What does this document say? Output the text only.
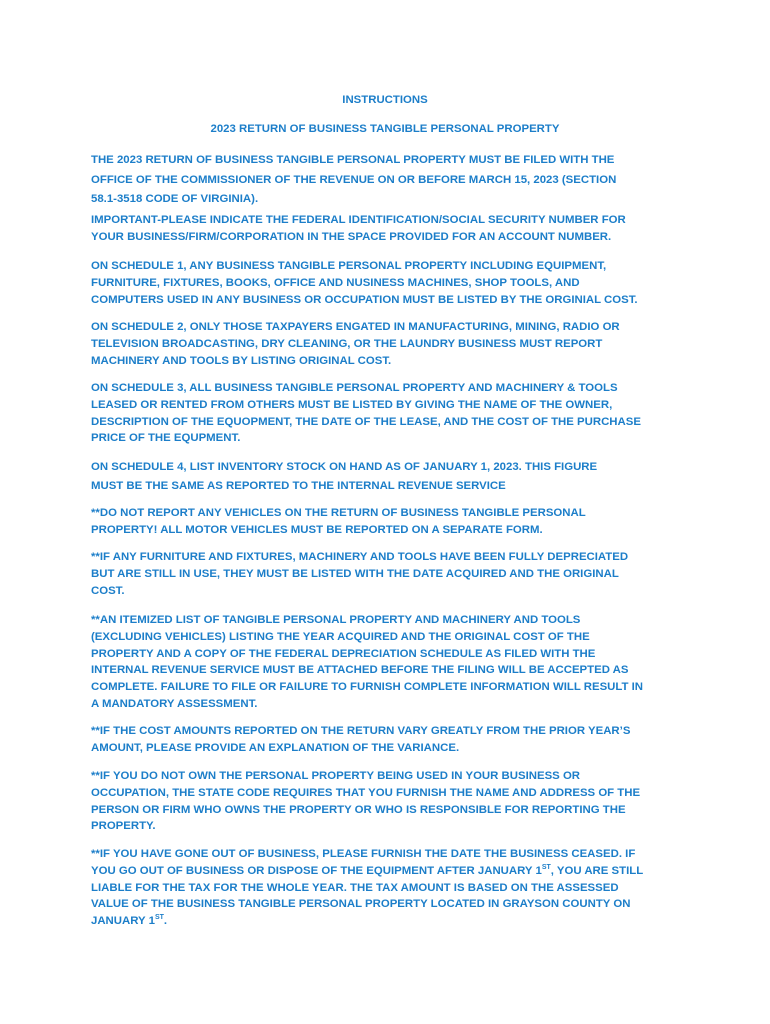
INSTRUCTIONS
2023 RETURN OF BUSINESS TANGIBLE PERSONAL PROPERTY
THE 2023 RETURN OF BUSINESS TANGIBLE PERSONAL PROPERTY MUST BE FILED WITH THE
OFFICE OF THE COMMISSIONER OF THE REVENUE ON OR BEFORE MARCH 15, 2023 (SECTION
58.1-3518 CODE OF VIRGINIA).
IMPORTANT-PLEASE INDICATE THE FEDERAL IDENTIFICATION/SOCIAL SECURITY NUMBER FOR
YOUR BUSINESS/FIRM/CORPORATION IN THE SPACE PROVIDED FOR AN ACCOUNT NUMBER.
ON SCHEDULE 1, ANY BUSINESS TANGIBLE PERSONAL PROPERTY INCLUDING EQUIPMENT,
FURNITURE, FIXTURES, BOOKS, OFFICE AND NUSINESS MACHINES, SHOP TOOLS, AND
COMPUTERS USED IN ANY BUSINESS OR OCCUPATION MUST BE LISTED BY THE ORGINIAL COST.
ON SCHEDULE 2, ONLY THOSE TAXPAYERS ENGATED IN MANUFACTURING, MINING, RADIO OR
TELEVISION BROADCASTING, DRY CLEANING, OR THE LAUNDRY BUSINESS MUST REPORT
MACHINERY AND TOOLS BY LISTING ORIGINAL COST.
ON SCHEDULE 3, ALL BUSINESS TANGIBLE PERSONAL PROPERTY AND MACHINERY & TOOLS
LEASED OR RENTED FROM OTHERS MUST BE LISTED BY GIVING THE NAME OF THE OWNER,
DESCRIPTION OF THE EQUOPMENT, THE DATE OF THE LEASE, AND THE COST OF THE PURCHASE
PRICE OF THE EQUPMENT.
ON SCHEDULE 4, LIST INVENTORY STOCK ON HAND AS OF JANUARY 1, 2023. THIS FIGURE
MUST BE THE SAME AS REPORTED TO THE INTERNAL REVENUE SERVICE
**DO NOT REPORT ANY VEHICLES ON THE RETURN OF BUSINESS TANGIBLE PERSONAL
PROPERTY! ALL MOTOR VEHICLES MUST BE REPORTED ON A SEPARATE FORM.
**IF ANY FURNITURE AND FIXTURES, MACHINERY AND TOOLS HAVE BEEN FULLY DEPRECIATED
BUT ARE STILL IN USE, THEY MUST BE LISTED WITH THE DATE ACQUIRED AND THE ORIGINAL
COST.
**AN ITEMIZED LIST OF TANGIBLE PERSONAL PROPERTY AND MACHINERY AND TOOLS
(EXCLUDING VEHICLES) LISTING THE YEAR ACQUIRED AND THE ORIGINAL COST OF THE
PROPERTY AND A COPY OF THE FEDERAL DEPRECIATION SCHEDULE AS FILED WITH THE
INTERNAL REVENUE SERVICE MUST BE ATTACHED BEFORE THE FILING WILL BE ACCEPTED AS
COMPLETE. FAILURE TO FILE OR FAILURE TO FURNISH COMPLETE INFORMATION WILL RESULT IN
A MANDATORY ASSESSMENT.
**IF THE COST AMOUNTS REPORTED ON THE RETURN VARY GREATLY FROM THE PRIOR YEAR’S
AMOUNT, PLEASE PROVIDE AN EXPLANATION OF THE VARIANCE.
**IF YOU DO NOT OWN THE PERSONAL PROPERTY BEING USED IN YOUR BUSINESS OR
OCCUPATION, THE STATE CODE REQUIRES THAT YOU FURNISH THE NAME AND ADDRESS OF THE
PERSON OR FIRM WHO OWNS THE PROPERTY OR WHO IS RESPONSIBLE FOR REPORTING THE
PROPERTY.
**IF YOU HAVE GONE OUT OF BUSINESS, PLEASE FURNISH THE DATE THE BUSINESS CEASED. IF
YOU GO OUT OF BUSINESS OR DISPOSE OF THE EQUIPMENT AFTER JANUARY 1ST, YOU ARE STILL
LIABLE FOR THE TAX FOR THE WHOLE YEAR. THE TAX AMOUNT IS BASED ON THE ASSESSED
VALUE OF THE BUSINESS TANGIBLE PERSONAL PROPERTY LOCATED IN GRAYSON COUNTY ON
JANUARY 1ST.
